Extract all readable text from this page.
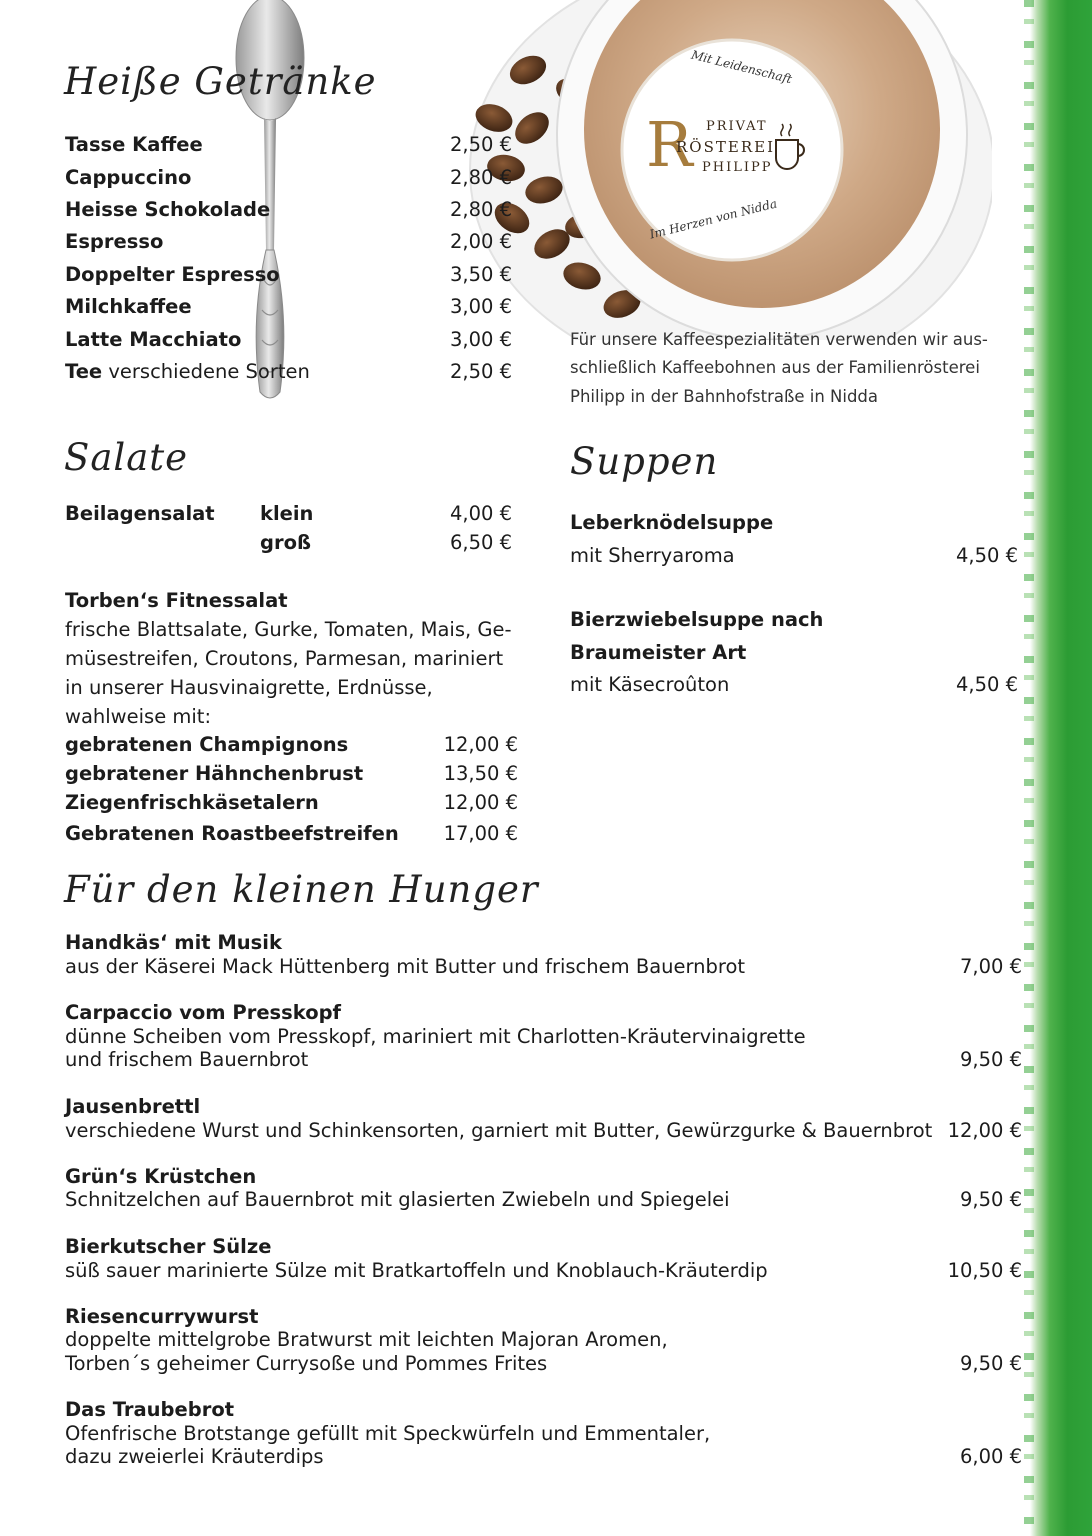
Mit Leidenschaft
R PRIVAT
RÖSTEREI
PHILIPP
Im Herzen von Nidda
Heiße Getränke
Tasse Kaffee	2,50 €
Cappuccino	2,80 €
Heisse Schokolade	2,80 €
Espresso	2,00 €
Doppelter Espresso	3,50 €
Milchkaffee	3,00 €
Latte Macchiato	3,00 €
Tee verschiedene Sorten	2,50 €
Für unsere Kaffeespezialitäten verwenden wir aus-
schließlich Kaffeebohnen aus der Familienrösterei
Philipp in der Bahnhofstraße in Nidda
Salate
Beilagensalat klein	4,00 €
groß	6,50 €
Torben‘s Fitnessalat
frische Blattsalate, Gurke, Tomaten, Mais, Ge-
müsestreifen, Croutons, Parmesan, mariniert
in unserer Hausvinaigrette, Erdnüsse,
wahlweise mit:
gebratenen Champignons	12,00 €
gebratener Hähnchenbrust	13,50 €
Ziegenfrischkäsetalern	12,00 €
Gebratenen Roastbeefstreifen 17,00 €
Suppen
Leberknödelsuppe
mit Sherryaroma	4,50 €
Bierzwiebelsuppe nach
Braumeister Art
mit Käsecroûton	4,50 €
Für den kleinen Hunger
Handkäs‘ mit Musik
aus der Käserei Mack Hüttenberg mit Butter und frischem Bauernbrot	7,00 €
Carpaccio vom Presskopf
dünne Scheiben vom Presskopf, mariniert mit Charlotten-Kräutervinaigrette
und frischem Bauernbrot	9,50 €
Jausenbrettl
verschiedene Wurst und Schinkensorten, garniert mit Butter, Gewürzgurke & Bauernbrot 12,00 €
Grün‘s Krüstchen
Schnitzelchen auf Bauernbrot mit glasierten Zwiebeln und Spiegelei	9,50 €
Bierkutscher Sülze
süß sauer marinierte Sülze mit Bratkartoffeln und Knoblauch-Kräuterdip	10,50 €
Riesencurrywurst
doppelte mittelgrobe Bratwurst mit leichten Majoran Aromen,
Torben´s geheimer Currysoße und Pommes Frites	9,50 €
Das Traubebrot
Ofenfrische Brotstange gefüllt mit Speckwürfeln und Emmentaler,
dazu zweierlei Kräuterdips	6,00 €
